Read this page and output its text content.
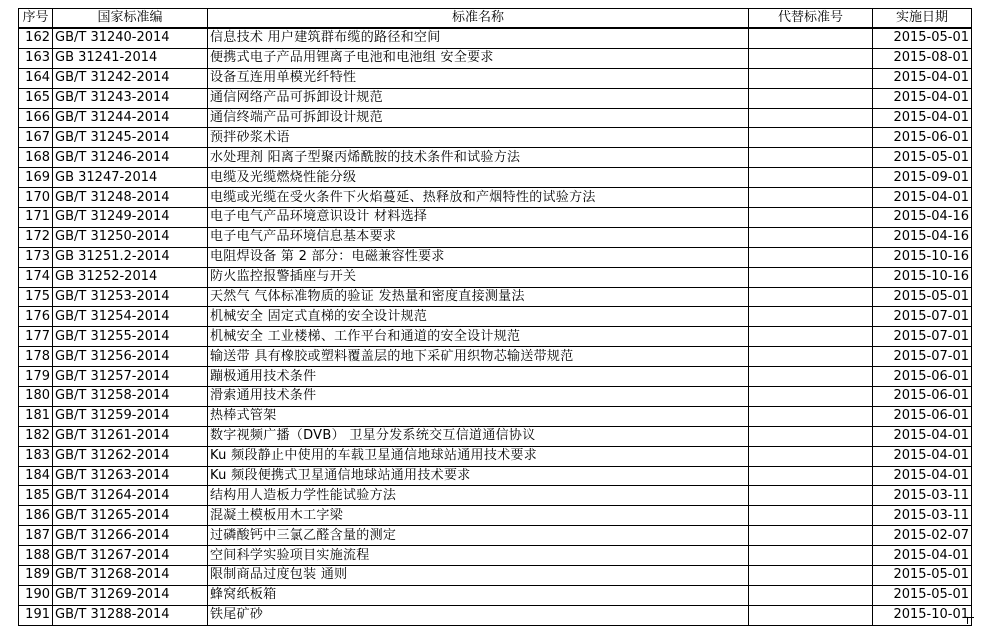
序号	国家标准编	标准名称	代替标准号	实施日期
162	GB/T 31240-2014	信息技术 用户建筑群布缆的路径和空间		2015-05-01
163	GB 31241-2014	便携式电子产品用锂离子电池和电池组 安全要求		2015-08-01
164	GB/T 31242-2014	设备互连用单模光纤特性		2015-04-01
165	GB/T 31243-2014	通信网络产品可拆卸设计规范		2015-04-01
166	GB/T 31244-2014	通信终端产品可拆卸设计规范		2015-04-01
167	GB/T 31245-2014	预拌砂浆术语		2015-06-01
168	GB/T 31246-2014	水处理剂 阳离子型聚丙烯酰胺的技术条件和试验方法		2015-05-01
169	GB 31247-2014	电缆及光缆燃烧性能分级		2015-09-01
170	GB/T 31248-2014	电缆或光缆在受火条件下火焰蔓延、热释放和产烟特性的试验方法		2015-04-01
171	GB/T 31249-2014	电子电气产品环境意识设计 材料选择		2015-04-16
172	GB/T 31250-2014	电子电气产品环境信息基本要求		2015-04-16
173	GB 31251.2-2014	电阻焊设备 第 2 部分：电磁兼容性要求		2015-10-16
174	GB 31252-2014	防火监控报警插座与开关		2015-10-16
175	GB/T 31253-2014	天然气 气体标准物质的验证 发热量和密度直接测量法		2015-05-01
176	GB/T 31254-2014	机械安全 固定式直梯的安全设计规范		2015-07-01
177	GB/T 31255-2014	机械安全 工业楼梯、工作平台和通道的安全设计规范		2015-07-01
178	GB/T 31256-2014	输送带 具有橡胶或塑料覆盖层的地下采矿用织物芯输送带规范		2015-07-01
179	GB/T 31257-2014	蹦极通用技术条件		2015-06-01
180	GB/T 31258-2014	滑索通用技术条件		2015-06-01
181	GB/T 31259-2014	热棒式管架		2015-06-01
182	GB/T 31261-2014	数字视频广播（DVB） 卫星分发系统交互信道通信协议		2015-04-01
183	GB/T 31262-2014	Ku 频段静止中使用的车载卫星通信地球站通用技术要求		2015-04-01
184	GB/T 31263-2014	Ku 频段便携式卫星通信地球站通用技术要求		2015-04-01
185	GB/T 31264-2014	结构用人造板力学性能试验方法		2015-03-11
186	GB/T 31265-2014	混凝土模板用木工字梁		2015-03-11
187	GB/T 31266-2014	过磷酸钙中三氯乙醛含量的测定		2015-02-07
188	GB/T 31267-2014	空间科学实验项目实施流程		2015-04-01
189	GB/T 31268-2014	限制商品过度包装 通则		2015-05-01
190	GB/T 31269-2014	蜂窝纸板箱		2015-05-01
191	GB/T 31288-2014	铁尾矿砂		2015-10-01
